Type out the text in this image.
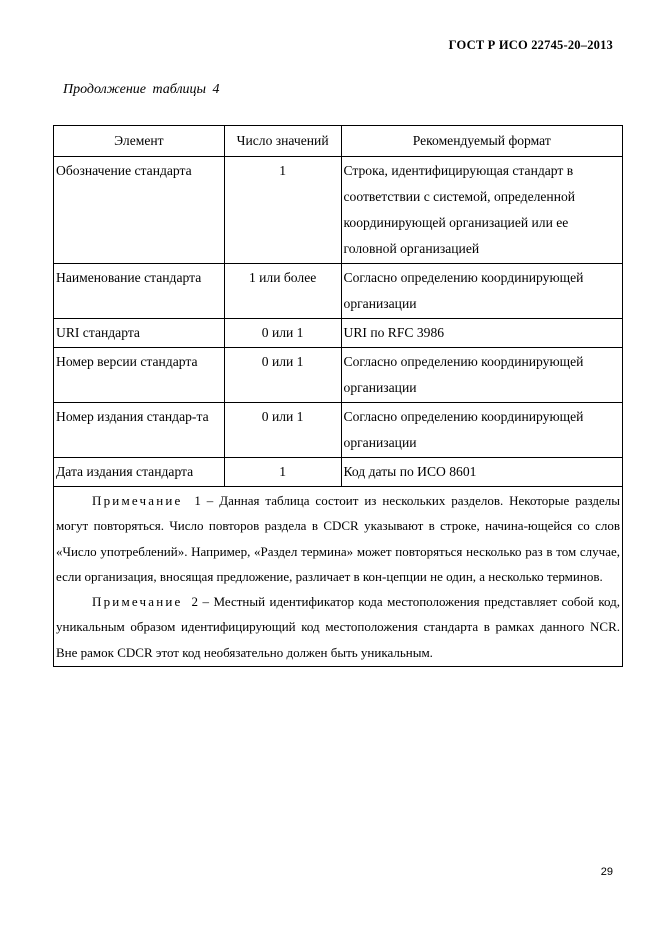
ГОСТ Р ИСО 22745-20–2013
Продолжение таблицы 4
Элемент	Число значений	Рекомендуемый формат
Обозначение стандарта	1	Строка, идентифицирующая стандарт в соответствии с системой, определенной координирующей организацией или ее головной организацией
Наименование стандарта	1 или более	Согласно определению координирующей организации
URI стандарта	0 или 1	URI по RFC 3986
Номер версии стандарта	0 или 1	Согласно определению координирующей организации
Номер издания стандар-та	0 или 1	Согласно определению координирующей организации
Дата издания стандарта	1	Код даты по ИСО 8601

Примечание 1 – Данная таблица состоит из нескольких разделов. Некоторые разделы могут повторяться. Число повторов раздела в CDCR указывают в строке, начина-ющейся со слов «Число употреблений». Например, «Раздел термина» может повторяться несколько раз в том случае, если организация, вносящая предложение, различает в кон-цепции не один, а несколько терминов.

Примечание 2 – Местный идентификатор кода местоположения представляет собой код, уникальным образом идентифицирующий код местоположения стандарта в рамках данного NCR. Вне рамок CDCR этот код необязательно должен быть уникальным.		

29
